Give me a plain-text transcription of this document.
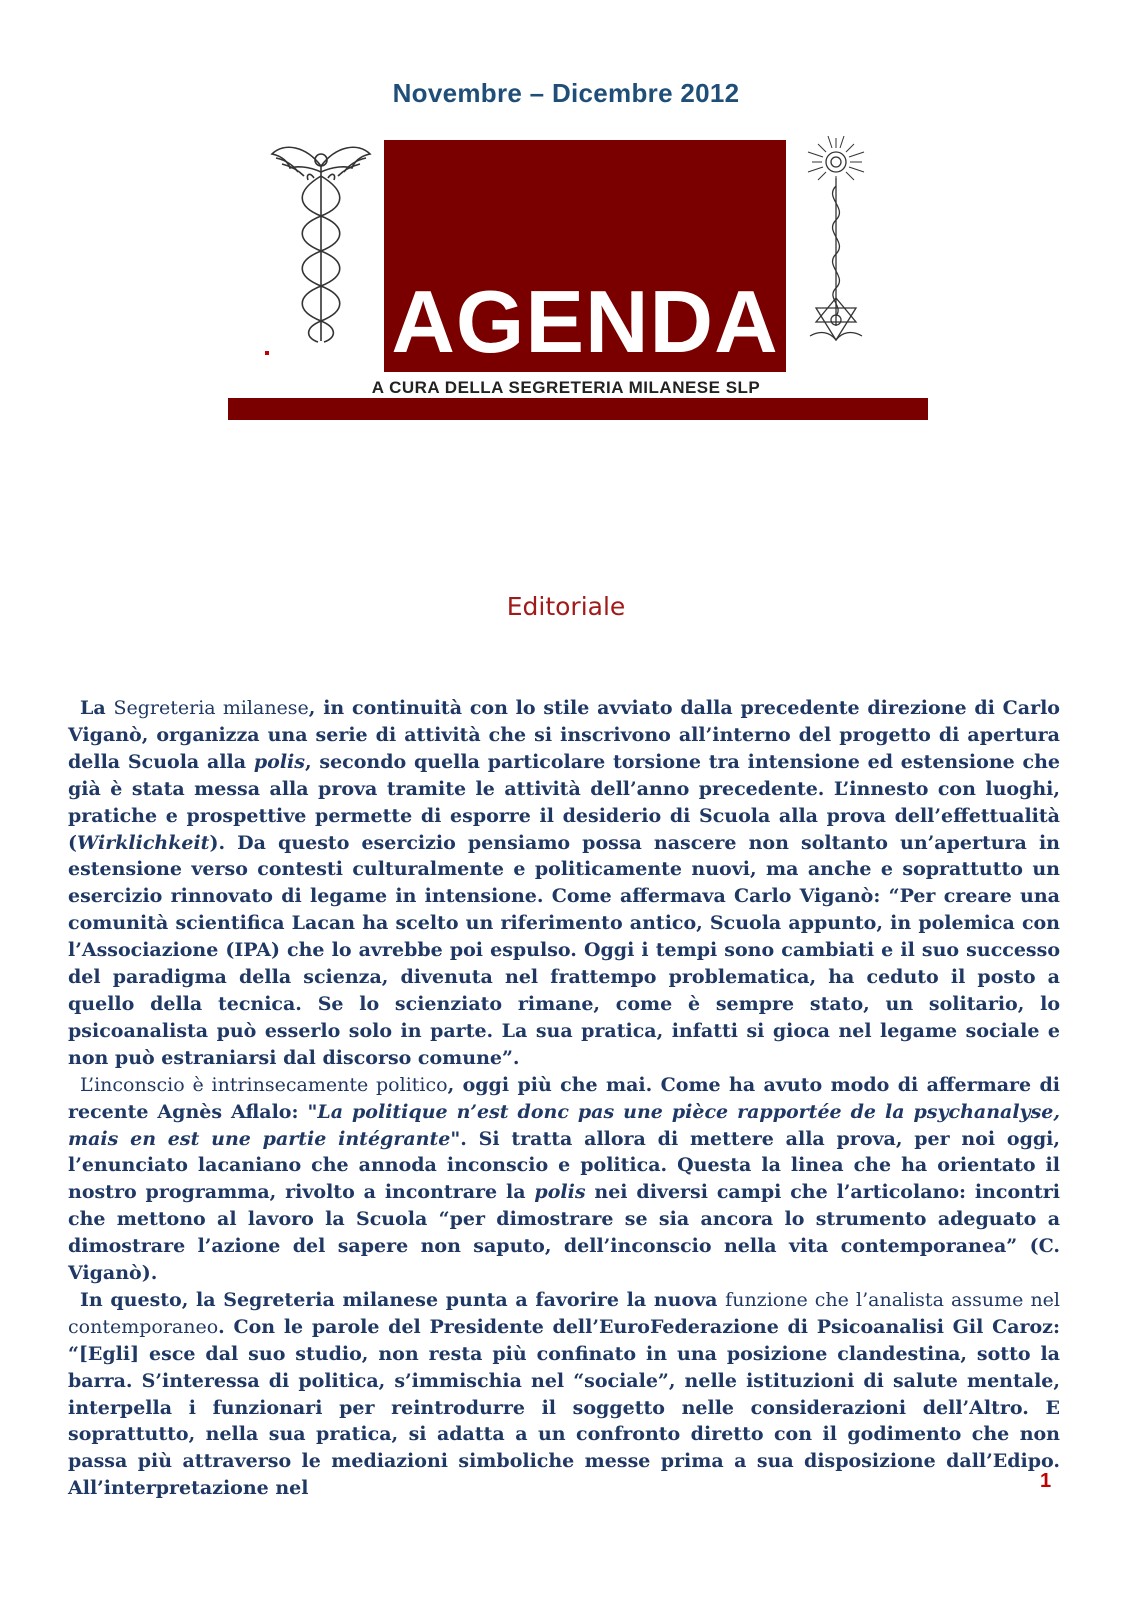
Novembre – Dicembre 2012
AGENDA
A CURA DELLA SEGRETERIA MILANESE SLP
Editoriale

La Segreteria milanese, in continuità con lo stile avviato dalla precedente direzione di Carlo Viganò, organizza una serie di attività che si inscrivono all’interno del progetto di apertura della Scuola alla polis, secondo quella particolare torsione tra intensione ed estensione che già è stata messa alla prova tramite le attività dell’anno precedente. L’innesto con luoghi, pratiche e prospettive permette di esporre il desiderio di Scuola alla prova dell’effettualità (Wirklichkeit). Da questo esercizio pensiamo possa nascere non soltanto un’apertura in estensione verso contesti culturalmente e politicamente nuovi, ma anche e soprattutto un esercizio rinnovato di legame in intensione. Come affermava Carlo Viganò: “Per creare una comunità scientifica Lacan ha scelto un riferimento antico, Scuola appunto, in polemica con l’Associazione (IPA) che lo avrebbe poi espulso. Oggi i tempi sono cambiati e il suo successo del paradigma della scienza, divenuta nel frattempo problematica, ha ceduto il posto a quello della tecnica. Se lo scienziato rimane, come è sempre stato, un solitario, lo psicoanalista può esserlo solo in parte. La sua pratica, infatti si gioca nel legame sociale e non può estraniarsi dal discorso comune”.

L’inconscio è intrinsecamente politico, oggi più che mai. Come ha avuto modo di affermare di recente Agnès Aflalo: "La politique n’est donc pas une pièce rapportée de la psychanalyse, mais en est une partie intégrante". Si tratta allora di mettere alla prova, per noi oggi, l’enunciato lacaniano che annoda inconscio e politica. Questa la linea che ha orientato il nostro programma, rivolto a incontrare la polis nei diversi campi che l’articolano: incontri che mettono al lavoro la Scuola “per dimostrare se sia ancora lo strumento adeguato a dimostrare l’azione del sapere non saputo, dell’inconscio nella vita contemporanea” (C. Viganò).

In questo, la Segreteria milanese punta a favorire la nuova funzione che l’analista assume nel contemporaneo. Con le parole del Presidente dell’EuroFederazione di Psicoanalisi Gil Caroz: “[Egli] esce dal suo studio, non resta più confinato in una posizione clandestina, sotto la barra. S’interessa di politica, s’immischia nel “sociale”, nelle istituzioni di salute mentale, interpella i funzionari per reintrodurre il soggetto nelle considerazioni dell’Altro. E soprattutto, nella sua pratica, si adatta a un confronto diretto con il godimento che non passa più attraverso le mediazioni simboliche messe prima a sua disposizione dall’Edipo. All’interpretazione nel	1
